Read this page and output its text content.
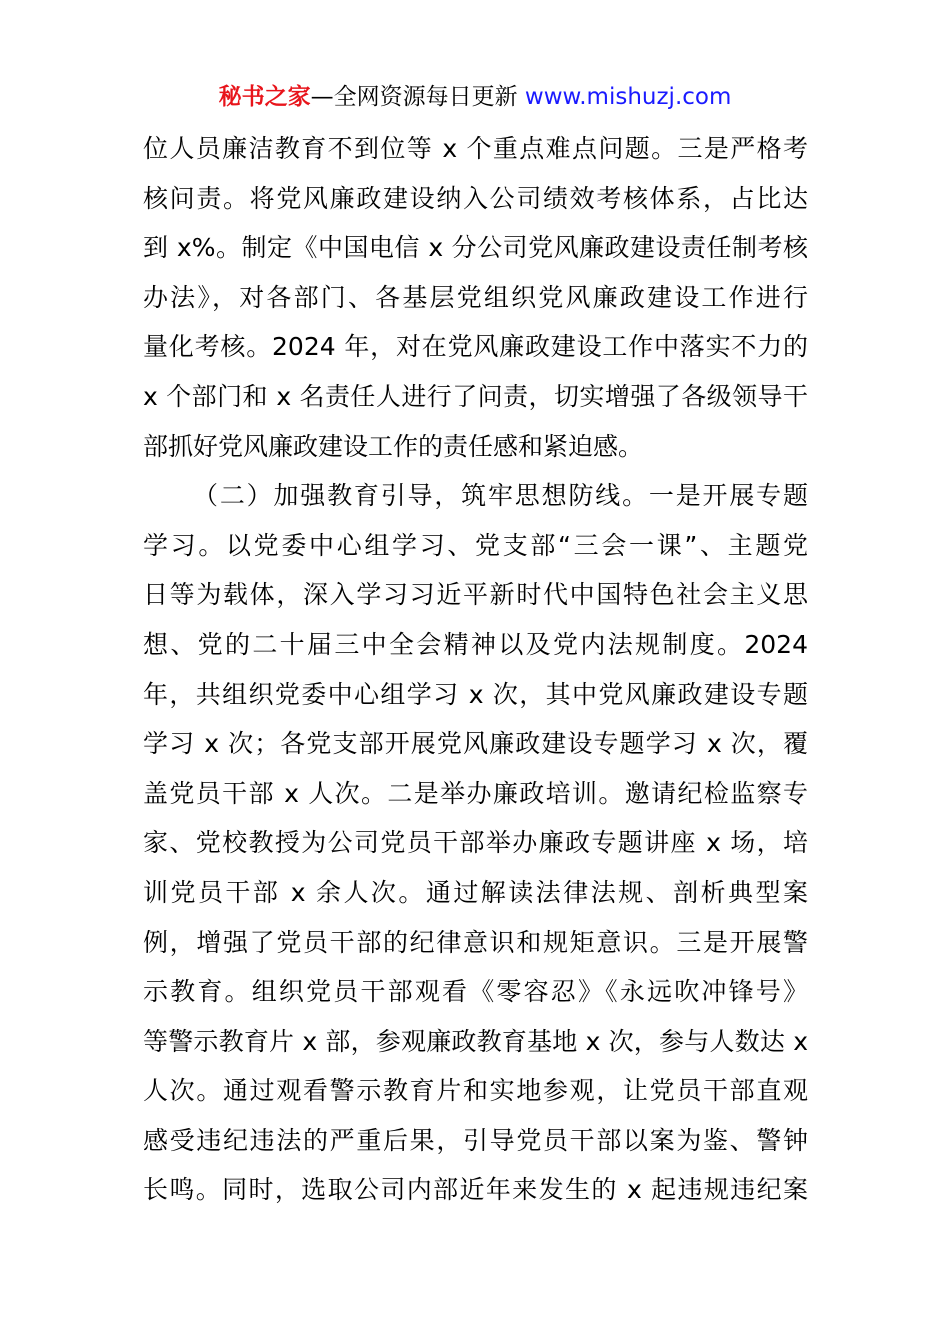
秘书之家—全网资源每日更新 www.mishuzj.com
位人员廉洁教育不到位等 x 个重点难点问题。三是严格考
核问责。将党风廉政建设纳入公司绩效考核体系，占比达
到 x%。制定《中国电信 x 分公司党风廉政建设责任制考核
办法》，对各部门、各基层党组织党风廉政建设工作进行
量化考核。2024 年，对在党风廉政建设工作中落实不力的
x 个部门和 x 名责任人进行了问责，切实增强了各级领导干
部抓好党风廉政建设工作的责任感和紧迫感。
（二）加强教育引导，筑牢思想防线。一是开展专题
学习。以党委中心组学习、党支部“三会一课”、主题党
日等为载体，深入学习习近平新时代中国特色社会主义思
想、党的二十届三中全会精神以及党内法规制度。2024
年，共组织党委中心组学习 x 次，其中党风廉政建设专题
学习 x 次；各党支部开展党风廉政建设专题学习 x 次，覆
盖党员干部 x 人次。二是举办廉政培训。邀请纪检监察专
家、党校教授为公司党员干部举办廉政专题讲座 x 场，培
训党员干部 x 余人次。通过解读法律法规、剖析典型案
例，增强了党员干部的纪律意识和规矩意识。三是开展警
示教育。组织党员干部观看《零容忍》《永远吹冲锋号》
等警示教育片 x 部，参观廉政教育基地 x 次，参与人数达 x
人次。通过观看警示教育片和实地参观，让党员干部直观
感受违纪违法的严重后果，引导党员干部以案为鉴、警钟
长鸣。同时，选取公司内部近年来发生的 x 起违规违纪案
